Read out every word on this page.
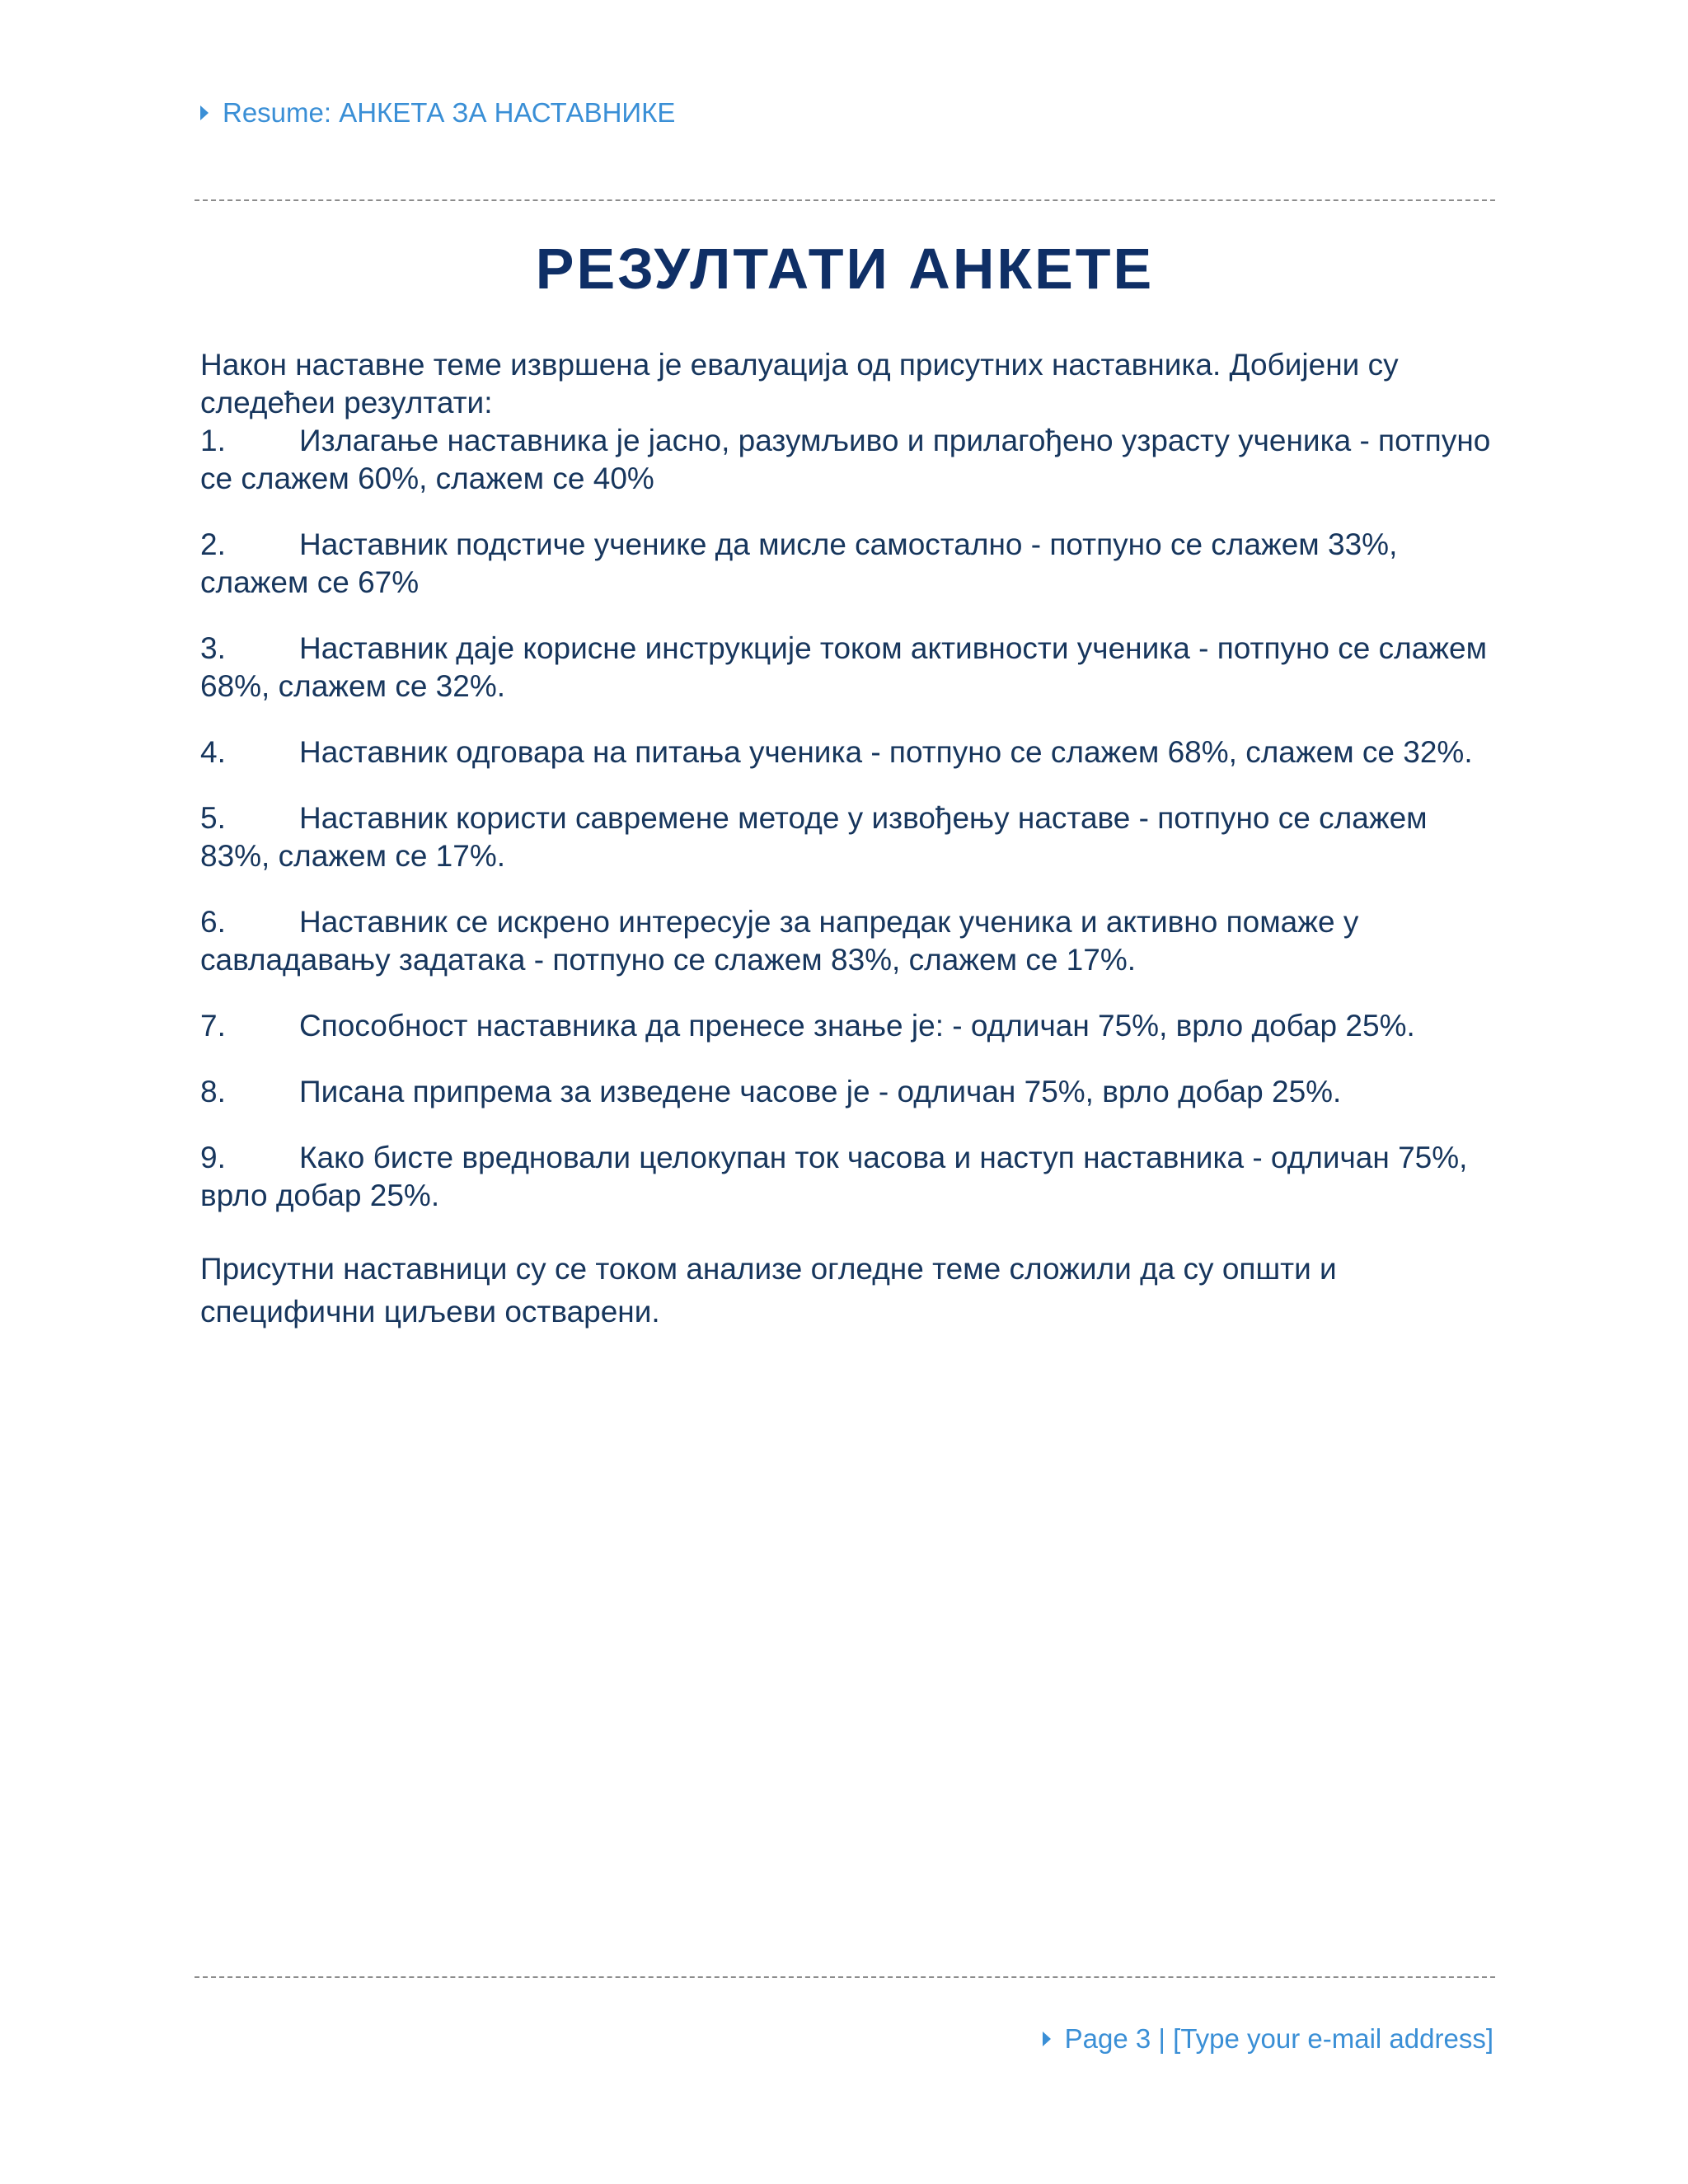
Resume: АНКЕТА ЗА НАСТАВНИКЕ
РЕЗУЛТАТИ АНКЕТЕ

Након наставне теме извршена је евалуација од присутних наставника. Добијени су следећеи резултати:

1. Излагање наставника је јасно, разумљиво и прилагођено узрасту ученика - потпуно се слажем 60%, слажем се 40%

2. Наставник подстиче ученике да мисле самостално - потпуно се слажем 33%, слажем се 67%

3. Наставник даје корисне инструкције током активности ученика - потпуно се слажем 68%, слажем се 32%.

4. Наставник одговара на питања ученика - потпуно се слажем 68%, слажем се 32%.

5. Наставник користи савремене методе у извођењу наставе - потпуно се слажем 83%, слажем се 17%.

6. Наставник се искрено интересује за напредак ученика и активно помаже у савладавању задатака - потпуно се слажем 83%, слажем се 17%.

7. Способност наставника да пренесе знање је: - одличан 75%, врло добар 25%.

8. Писана припрема за изведене часове је - одличан 75%, врло добар 25%.

9. Како бисте вредновали целокупан ток часова и наступ наставника - одличан 75%, врло добар 25%.

Присутни наставници су се током анализе огледне теме сложили да су општи и специфични циљеви остварени.

Page 3 | [Type your e-mail address]
